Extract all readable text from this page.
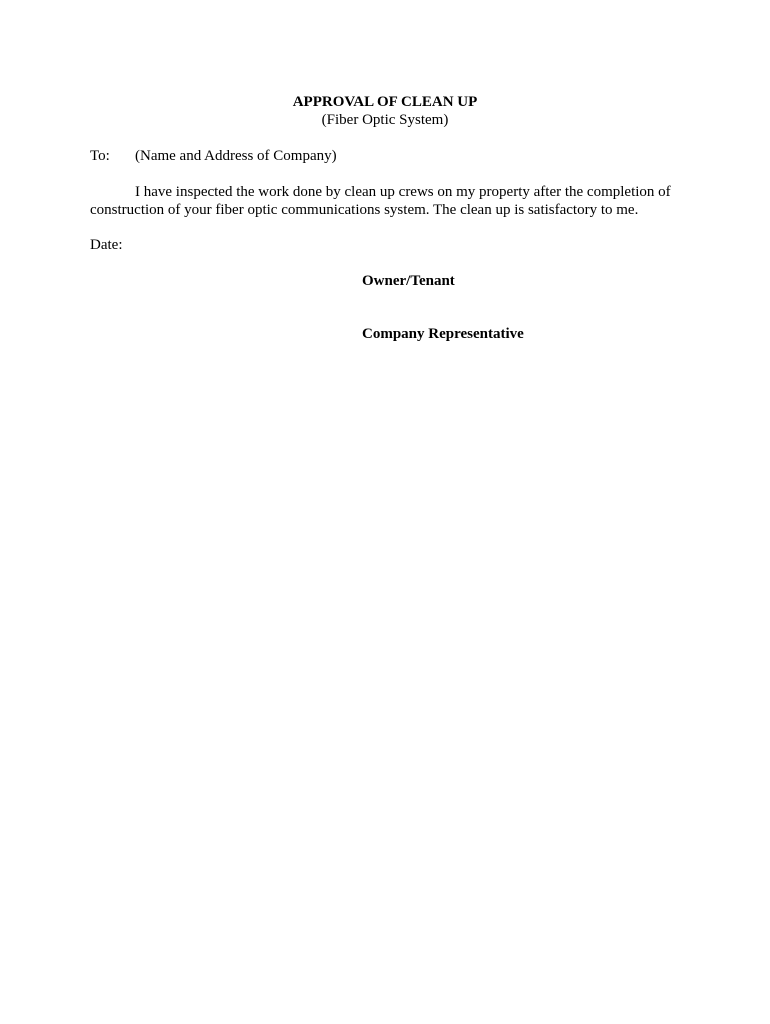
APPROVAL OF CLEAN UP
(Fiber Optic System)
To: (Name and Address of Company)
I have inspected the work done by clean up crews on my property after the completion of
construction of your fiber optic communications system. The clean up is satisfactory to me.
Date:
Owner/Tenant
Company Representative
